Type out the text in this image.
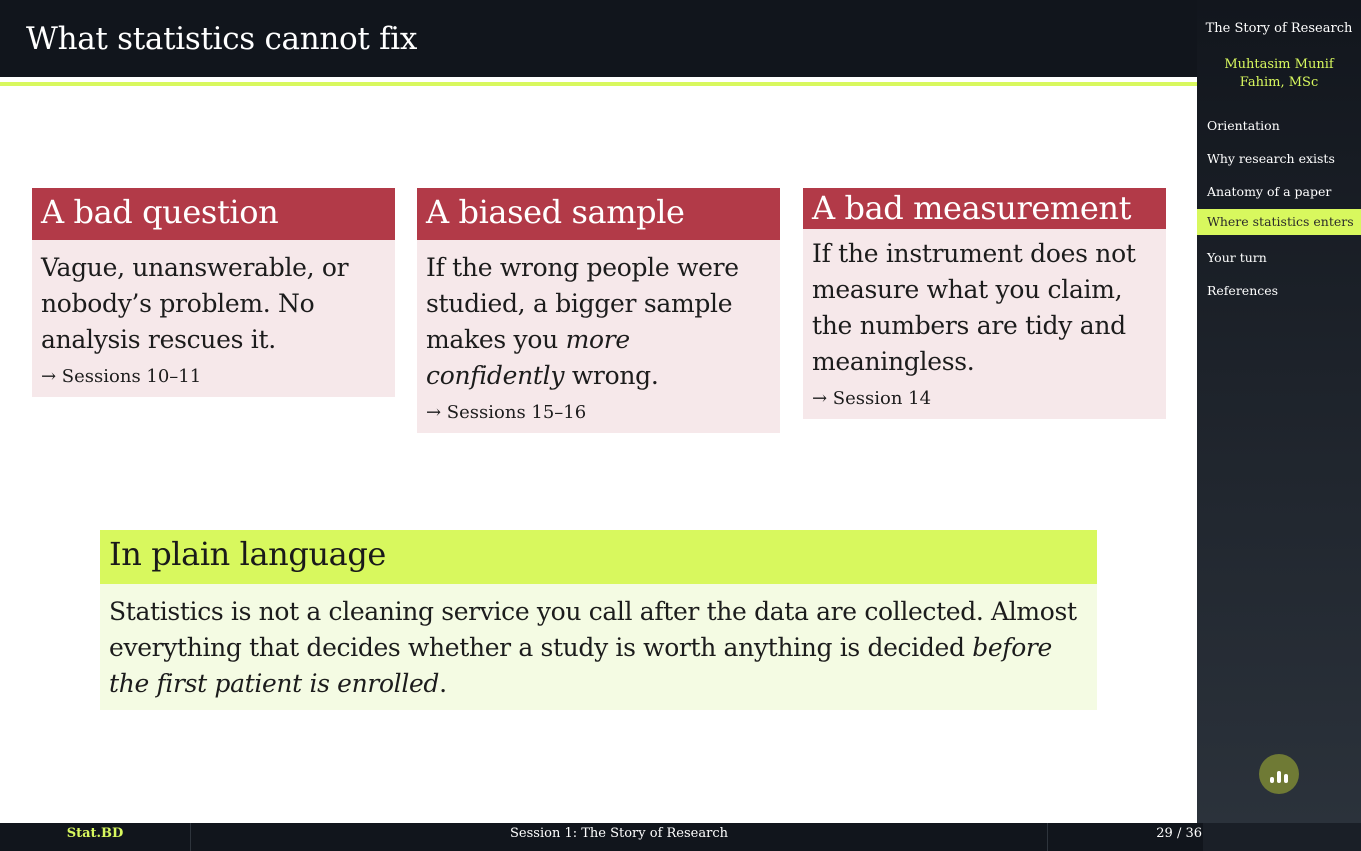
What statistics cannot fix
A bad question
Vague, unanswerable, or nobody’s problem. No analysis rescues it.
→ Sessions 10–11
A biased sample
If the wrong people were studied, a bigger sample makes you more confidently wrong.
→ Sessions 15–16
A bad measurement
If the instrument does not measure what you claim, the numbers are tidy and meaningless.
→ Session 14
In plain language
Statistics is not a cleaning service you call after the data are collected. Almost everything that decides whether a study is worth anything is decided before the first patient is enrolled.
The Story of Research
Muhtasim Munif Fahim, MSc
Orientation
Why research exists
Anatomy of a paper
Where statistics enters
Your turn
References
Stat.BD	Session 1: The Story of Research	29 / 36
